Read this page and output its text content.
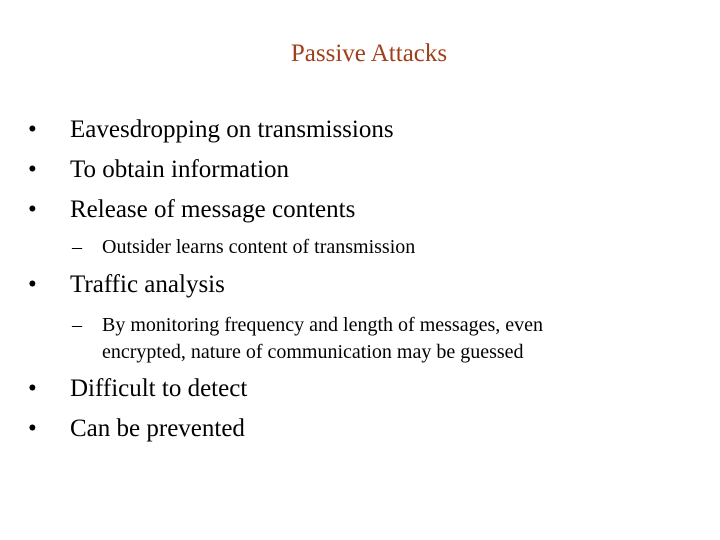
Passive Attacks
•	Eavesdropping on transmissions
•	To obtain information
•	Release of message contents
– Outsider learns content of transmission
•	Traffic analysis
– By monitoring frequency and length of messages, even
encrypted, nature of communication may be guessed
•	Difficult to detect
•	Can be prevented
